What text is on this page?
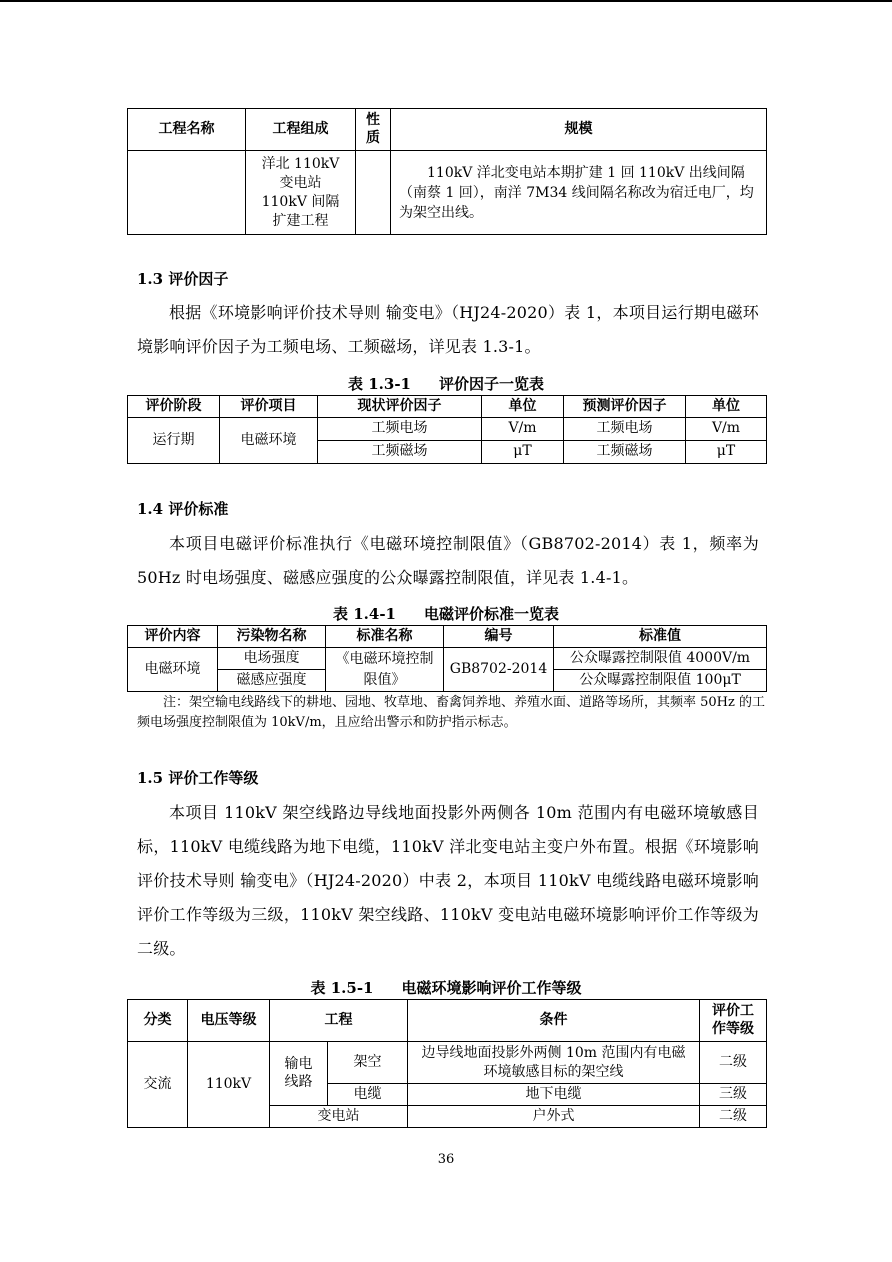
工程名称	工程组成	性质	规模
	洋北 110kV 变电站 110kV 间隔扩建工程		110kV 洋北变电站本期扩建 1 回 110kV 出线间隔（南蔡 1 回），南洋 7M34 线间隔名称改为宿迁电厂，均为架空出线。
1.3 评价因子

根据《环境影响评价技术导则 输变电》（HJ24-2020）表 1，本项目运行期电磁环境影响评价因子为工频电场、工频磁场，详见表 1.3-1。

表 1.3-1 评价因子一览表

评价阶段	评价项目	现状评价因子	单位	预测评价因子	单位
运行期	电磁环境	工频电场	V/m	工频电场	V/m
		工频磁场	μT	工频磁场	μT
1.4 评价标准

本项目电磁评价标准执行《电磁环境控制限值》（GB8702-2014）表 1，频率为 50Hz 时电场强度、磁感应强度的公众曝露控制限值，详见表 1.4-1。

表 1.4-1 电磁评价标准一览表

评价内容	污染物名称	标准名称	编号	标准值
电磁环境	电场强度	《电磁环境控制限值》	GB8702-2014	公众曝露控制限值 4000V/m
	磁感应强度			公众曝露控制限值 100μT

注：架空输电线路线下的耕地、园地、牧草地、畜禽饲养地、养殖水面、道路等场所，其频率 50Hz 的工频电场强度控制限值为 10kV/m，且应给出警示和防护指示标志。

1.5 评价工作等级

本项目 110kV 架空线路边导线地面投影外两侧各 10m 范围内有电磁环境敏感目标，110kV 电缆线路为地下电缆，110kV 洋北变电站主变户外布置。根据《环境影响评价技术导则 输变电》（HJ24-2020）中表 2，本项目 110kV 电缆线路电磁环境影响评价工作等级为三级，110kV 架空线路、110kV 变电站电磁环境影响评价工作等级为二级。

表 1.5-1 电磁环境影响评价工作等级

分类	电压等级	工程		条件	评价工作等级
交流	110kV	输电线路	架空	边导线地面投影外两侧 10m 范围内有电磁环境敏感目标的架空线	二级
			电缆	地下电缆	三级
		变电站		户外式	二级

36
